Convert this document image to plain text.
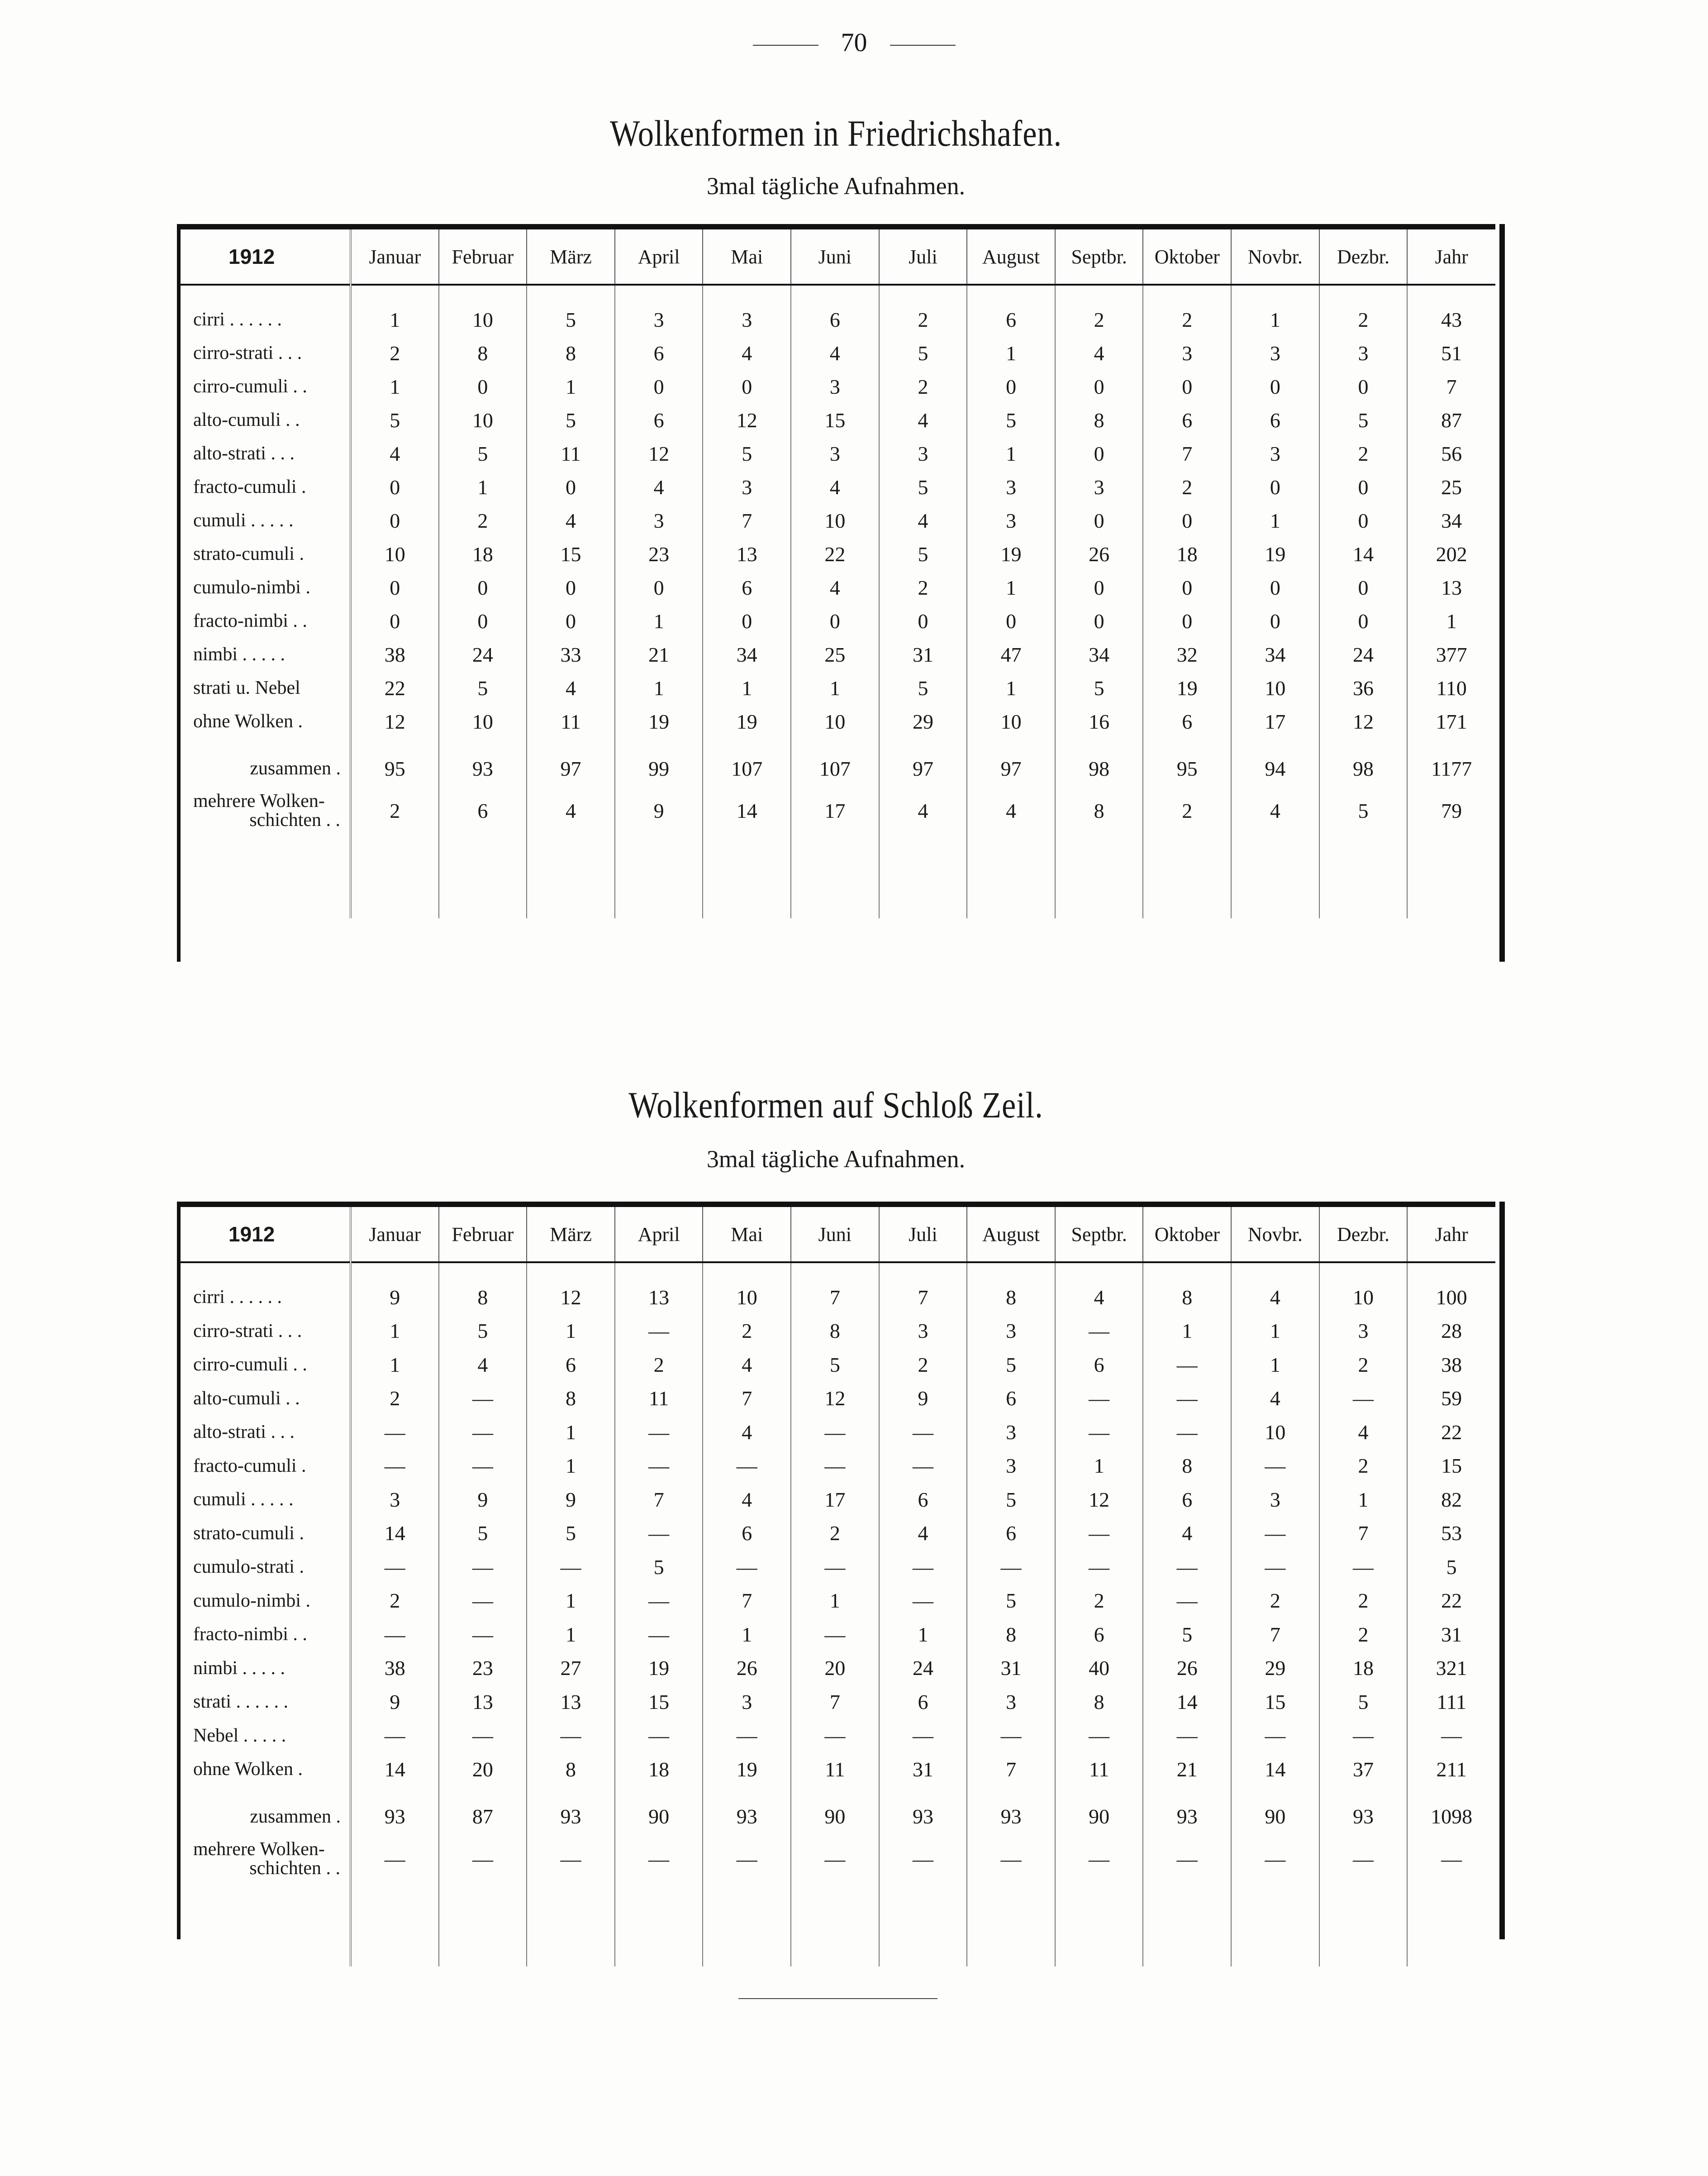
70
Wolkenformen in Friedrichshafen.
3mal tägliche Aufnahmen.
1912	Januar	Februar	März	April	Mai	Juni	Juli	August	Septbr.	Oktober	Novbr.	Dezbr.	Jahr

cirri . . . . . .	1	10	5	3	3	6	2	6	2	2	1	2	43
cirro-strati . . .	2	8	8	6	4	4	5	1	4	3	3	3	51
cirro-cumuli . .	1	0	1	0	0	3	2	0	0	0	0	0	7
alto-cumuli . .	5	10	5	6	12	15	4	5	8	6	6	5	87
alto-strati . . .	4	5	11	12	5	3	3	1	0	7	3	2	56
fracto-cumuli .	0	1	0	4	3	4	5	3	3	2	0	0	25
cumuli . . . . .	0	2	4	3	7	10	4	3	0	0	1	0	34
strato-cumuli .	10	18	15	23	13	22	5	19	26	18	19	14	202
cumulo-nimbi .	0	0	0	0	6	4	2	1	0	0	0	0	13
fracto-nimbi . .	0	0	0	1	0	0	0	0	0	0	0	0	1
nimbi . . . . .	38	24	33	21	34	25	31	47	34	32	34	24	377
strati u. Nebel	22	5	4	1	1	1	5	1	5	19	10	36	110
ohne Wolken .	12	10	11	19	19	10	29	10	16	6	17	12	171

zusammen .	95	93	97	99	107	107	97	97	98	95	94	98	1177

mehrere Wolken-
schichten . .	2	6	4	9	14	17	4	4	8	2	4	5	79

Wolkenformen auf Schloß Zeil.
3mal tägliche Aufnahmen.
1912	Januar	Februar	März	April	Mai	Juni	Juli	August	Septbr.	Oktober	Novbr.	Dezbr.	Jahr

cirri . . . . . .	9	8	12	13	10	7	7	8	4	8	4	10	100
cirro-strati . . .	1	5	1	—	2	8	3	3	—	1	1	3	28
cirro-cumuli . .	1	4	6	2	4	5	2	5	6	—	1	2	38
alto-cumuli . .	2	—	8	11	7	12	9	6	—	—	4	—	59
alto-strati . . .	—	—	1	—	4	—	—	3	—	—	10	4	22
fracto-cumuli .	—	—	1	—	—	—	—	3	1	8	—	2	15
cumuli . . . . .	3	9	9	7	4	17	6	5	12	6	3	1	82
strato-cumuli .	14	5	5	—	6	2	4	6	—	4	—	7	53
cumulo-strati .	—	—	—	5	—	—	—	—	—	—	—	—	5
cumulo-nimbi .	2	—	1	—	7	1	—	5	2	—	2	2	22
fracto-nimbi . .	—	—	1	—	1	—	1	8	6	5	7	2	31
nimbi . . . . .	38	23	27	19	26	20	24	31	40	26	29	18	321
strati . . . . . .	9	13	13	15	3	7	6	3	8	14	15	5	111
Nebel . . . . .	—	—	—	—	—	—	—	—	—	—	—	—	—
ohne Wolken .	14	20	8	18	19	11	31	7	11	21	14	37	211

zusammen .	93	87	93	90	93	90	93	93	90	93	90	93	1098

mehrere Wolken-
schichten . .	—	—	—	—	—	—	—	—	—	—	—	—	—
